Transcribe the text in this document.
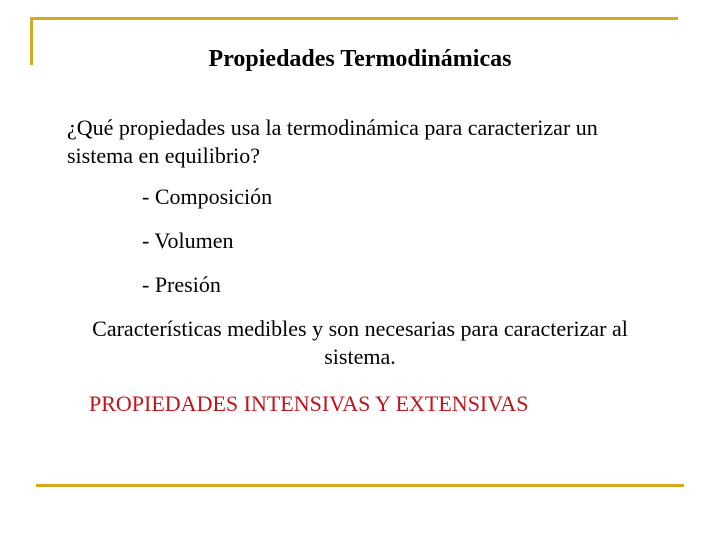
Propiedades Termodinámicas
¿Qué propiedades usa la termodinámica para caracterizar un sistema en equilibrio?
- Composición
- Volumen
- Presión
Características medibles y son necesarias para caracterizar al sistema.
PROPIEDADES INTENSIVAS Y EXTENSIVAS
